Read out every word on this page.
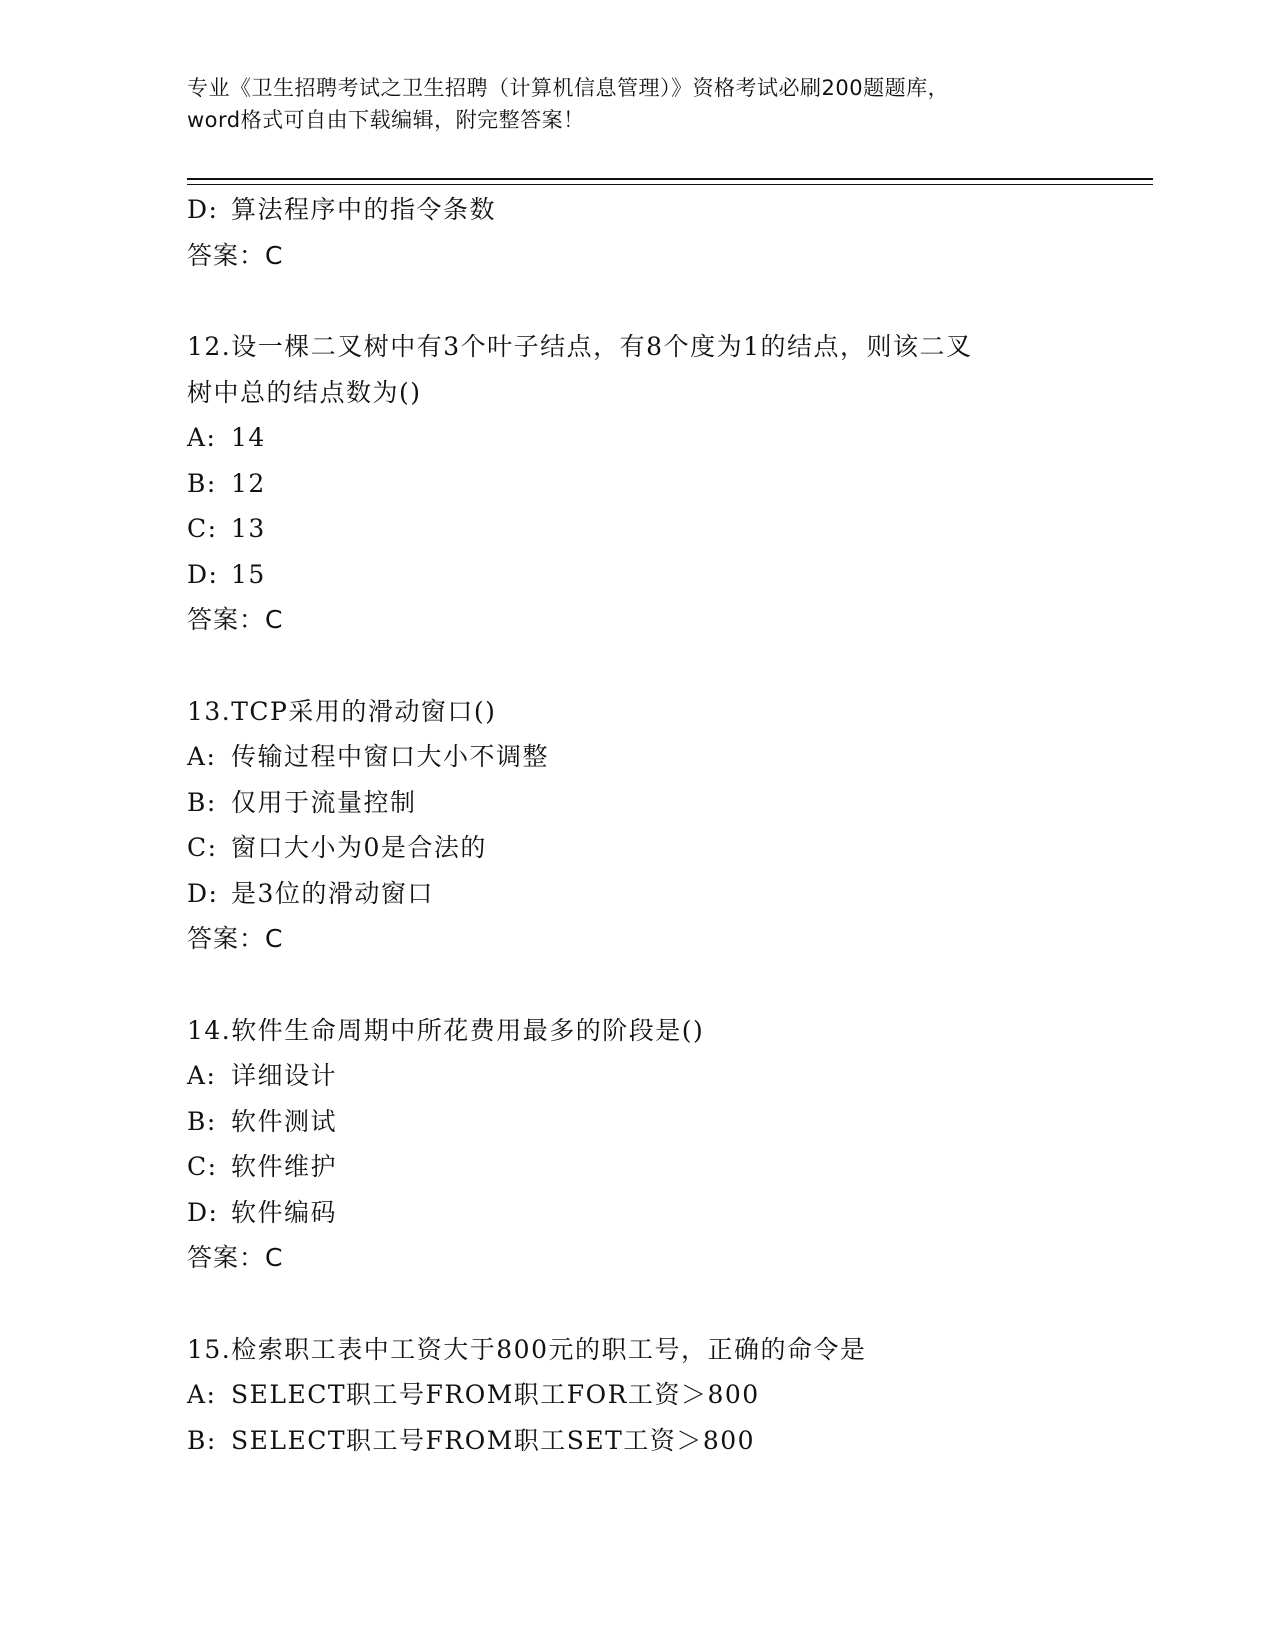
专业《卫生招聘考试之卫生招聘（计算机信息管理）》资格考试必刷200题题库，
word格式可自由下载编辑，附完整答案！
D: 算法程序中的指令条数
答案：C
12.设一棵二叉树中有3个叶子结点，有8个度为1的结点，则该二叉
树中总的结点数为()
A: 14
B: 12
C: 13
D: 15
答案：C
13.TCP采用的滑动窗口()
A: 传输过程中窗口大小不调整
B: 仅用于流量控制
C: 窗口大小为0是合法的
D: 是3位的滑动窗口
答案：C
14.软件生命周期中所花费用最多的阶段是()
A: 详细设计
B: 软件测试
C: 软件维护
D: 软件编码
答案：C
15.检索职工表中工资大于800元的职工号，正确的命令是
A: SELECT职工号FROM职工FOR工资＞800
B: SELECT职工号FROM职工SET工资＞800
